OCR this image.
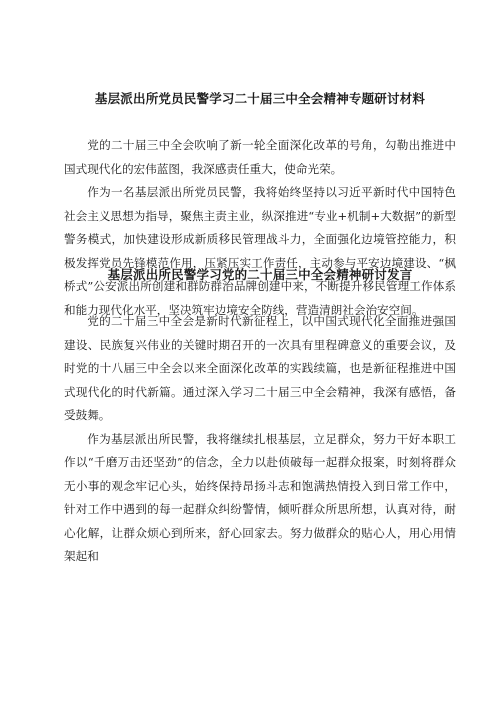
基层派出所党员民警学习二十届三中全会精神专题研讨材料

党的二十届三中全会吹响了新一轮全面深化改革的号角，勾勒出推进中国式现代化的宏伟蓝图，我深感责任重大，使命光荣。

作为一名基层派出所党员民警，我将始终坚持以习近平新时代中国特色社会主义思想为指导，聚焦主责主业，纵深推进“专业+机制+大数据”的新型警务模式，加快建设形成新质移民管理战斗力，全面强化边境管控能力，积极发挥党员先锋模范作用，压紧压实工作责任，主动参与平安边境建设、“枫桥式”公安派出所创建和群防群治品牌创建中来，不断提升移民管理工作体系和能力现代化水平，坚决筑牢边境安全防线，营造清朗社会治安空间。

基层派出所民警学习党的二十届三中全会精神研讨发言

党的二十届三中全会是新时代新征程上，以中国式现代化全面推进强国建设、民族复兴伟业的关键时期召开的一次具有里程碑意义的重要会议，及时党的十八届三中全会以来全面深化改革的实践续篇，也是新征程推进中国式现代化的时代新篇。通过深入学习二十届三中全会精神，我深有感悟，备受鼓舞。

作为基层派出所民警，我将继续扎根基层，立足群众，努力干好本职工作以“千磨万击还坚劲”的信念，全力以赴侦破每一起群众报案，时刻将群众无小事的观念牢记心头，始终保持昂扬斗志和饱满热情投入到日常工作中，针对工作中遇到的每一起群众纠纷警情，倾听群众所思所想，认真对待，耐心化解，让群众烦心到所来，舒心回家去。努力做群众的贴心人，用心用情架起和
